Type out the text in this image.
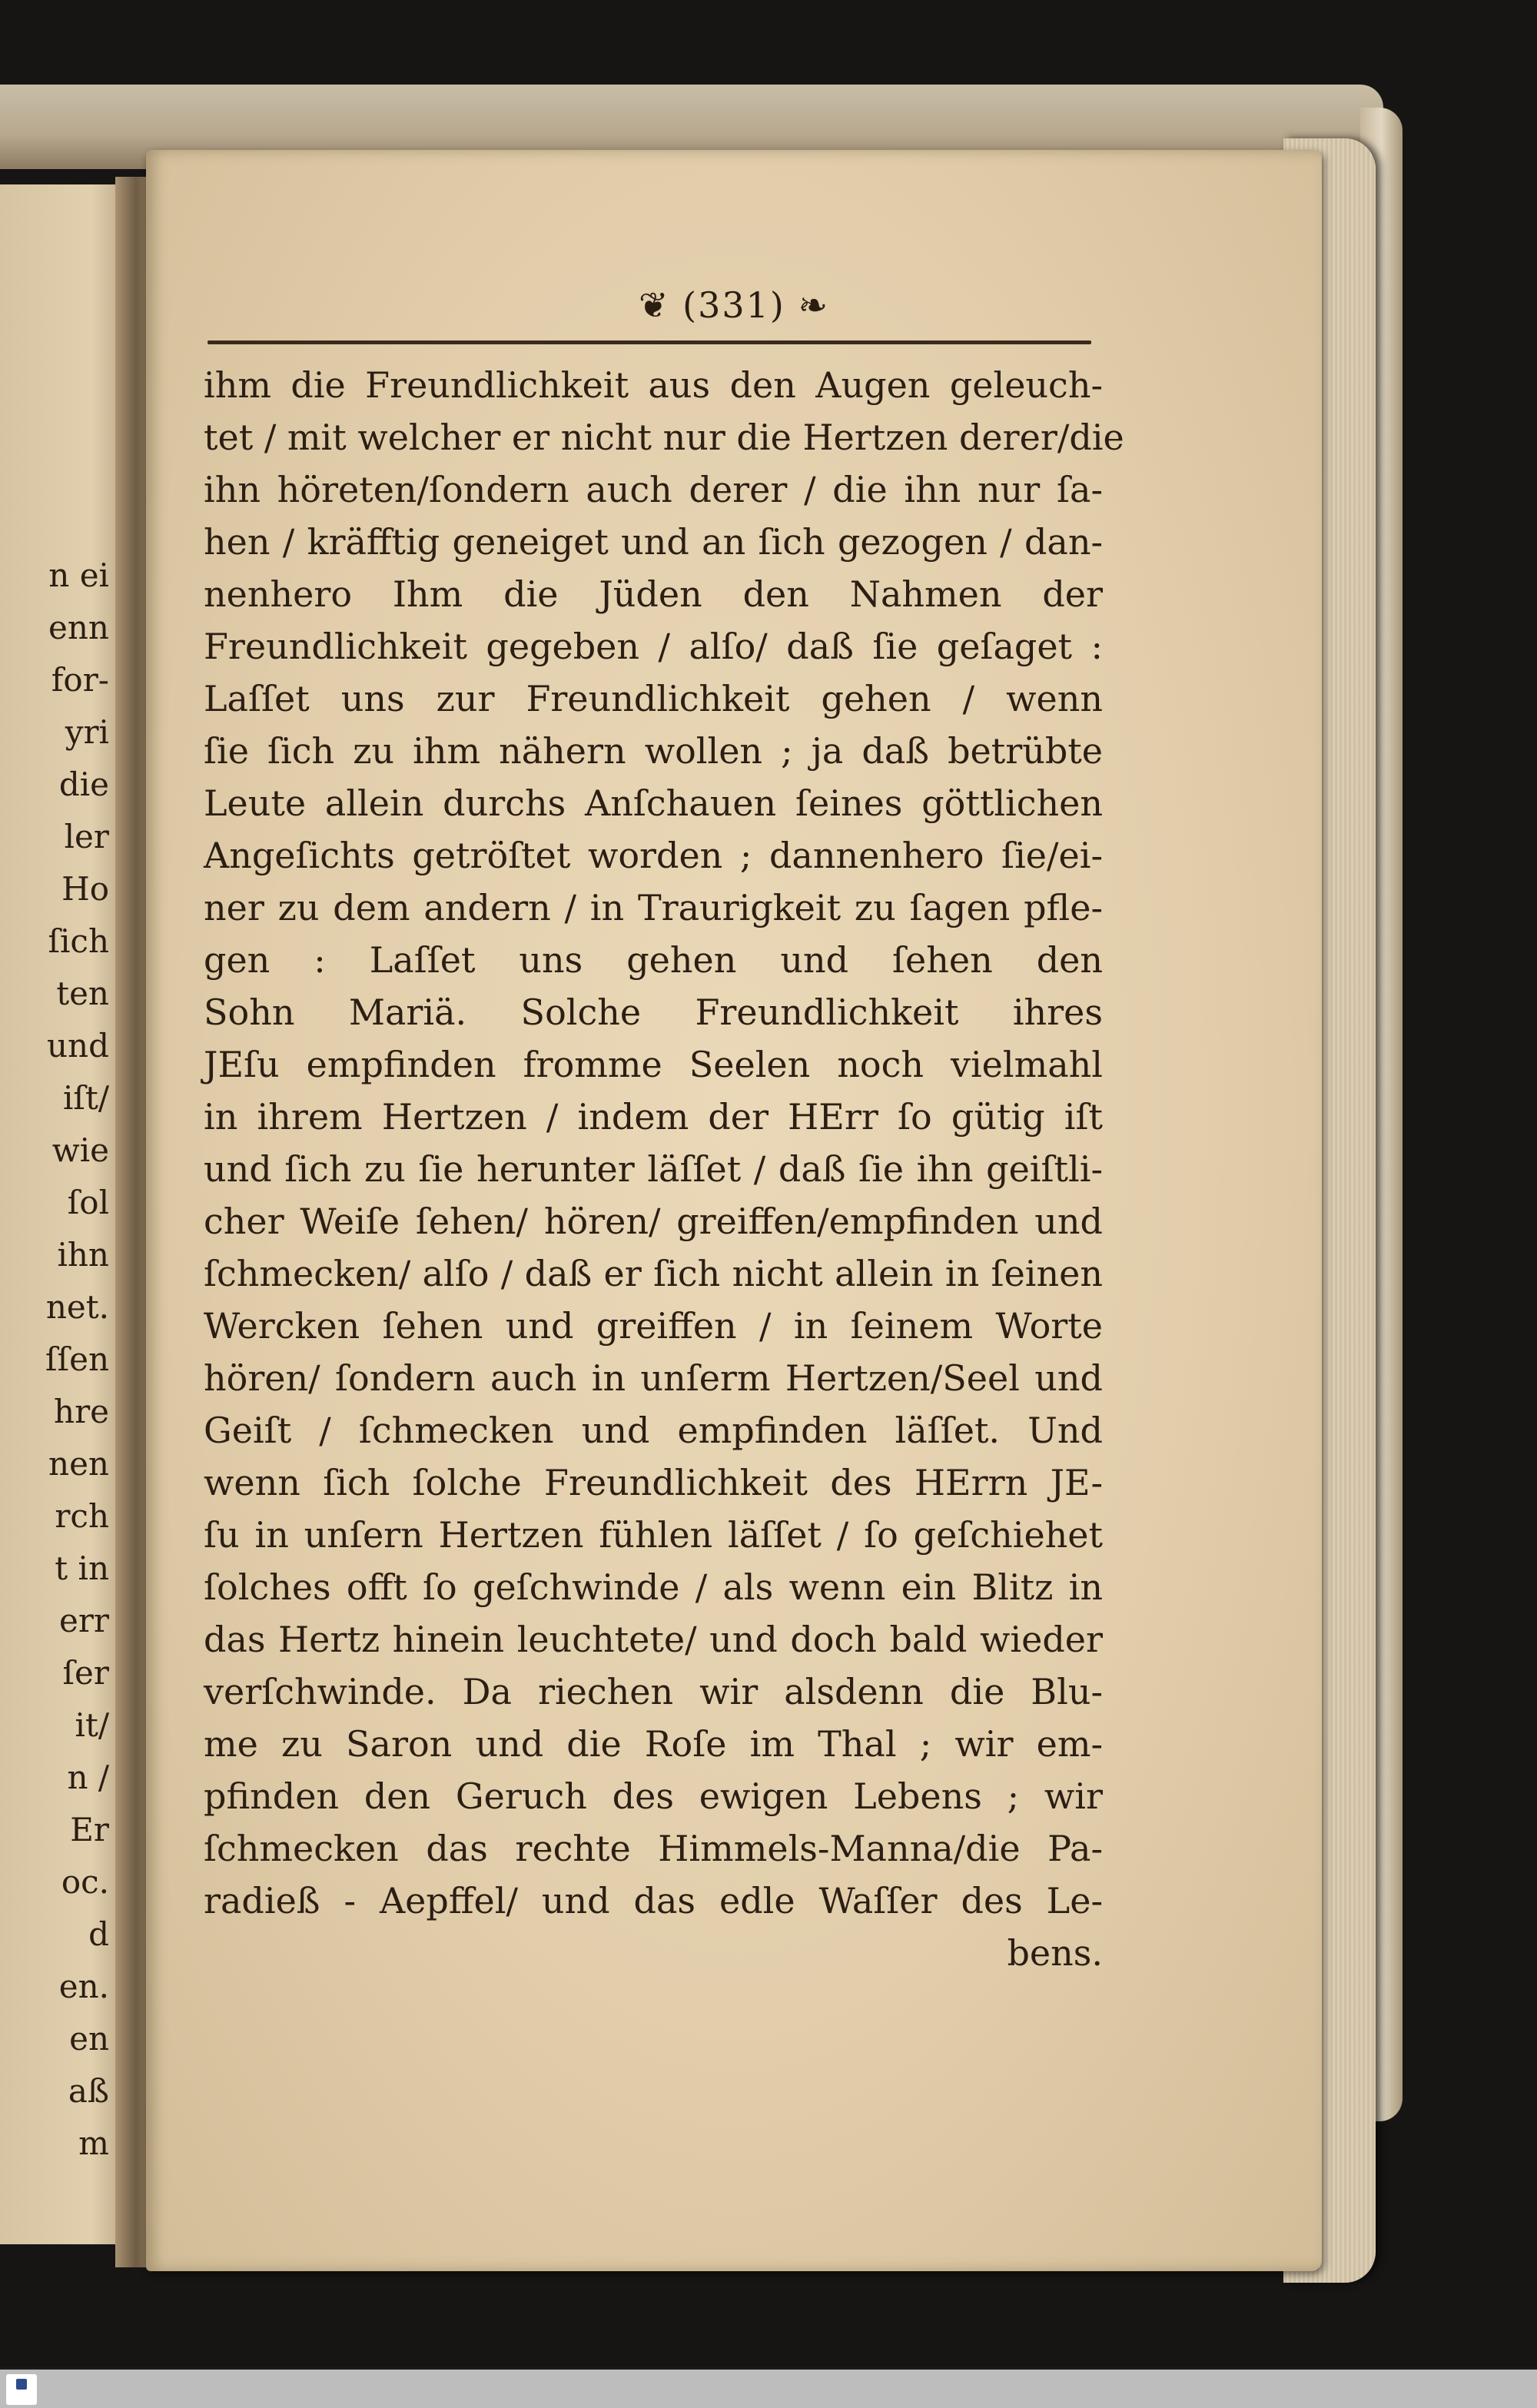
n ei
enn
for-
yri
die
ler
Ho
ſich
ten
und
iſt/
wie
ſol
ihn
net.
ſſen
hre
nen
rch
t in
err
ſer
it/
n /
Er
oc.
d
en.
en
aß
m
❦ (331) ❧
ihm die Freundlichkeit aus den Augen geleuch-
tet / mit welcher er nicht nur die Hertzen derer/die
ihn höreten/ſondern auch derer / die ihn nur ſa-
hen / kräfftig geneiget und an ſich gezogen / dan-
nenhero Ihm die Jüden den Nahmen der
Freundlichkeit gegeben / alſo/ daß ſie geſaget :
Laſſet uns zur Freundlichkeit gehen / wenn
ſie ſich zu ihm nähern wollen ; ja daß betrübte
Leute allein durchs Anſchauen ſeines göttlichen
Angeſichts getröſtet worden ; dannenhero ſie/ei-
ner zu dem andern / in Traurigkeit zu ſagen pfle-
gen : Laſſet uns gehen und ſehen den
Sohn Mariä. Solche Freundlichkeit ihres
JEſu empfinden fromme Seelen noch vielmahl
in ihrem Hertzen / indem der HErr ſo gütig iſt
und ſich zu ſie herunter läſſet / daß ſie ihn geiſtli-
cher Weiſe ſehen/ hören/ greiffen/empfinden und
ſchmecken/ alſo / daß er ſich nicht allein in ſeinen
Wercken ſehen und greiffen / in ſeinem Worte
hören/ ſondern auch in unſerm Hertzen/Seel und
Geiſt / ſchmecken und empfinden läſſet. Und
wenn ſich ſolche Freundlichkeit des HErrn JE-
ſu in unſern Hertzen fühlen läſſet / ſo geſchiehet
ſolches offt ſo geſchwinde / als wenn ein Blitz in
das Hertz hinein leuchtete/ und doch bald wieder
verſchwinde. Da riechen wir alsdenn die Blu-
me zu Saron und die Roſe im Thal ; wir em-
pfinden den Geruch des ewigen Lebens ; wir
ſchmecken das rechte Himmels-Manna/die Pa-
radieß - Aepffel/ und das edle Waſſer des Le-
bens.
